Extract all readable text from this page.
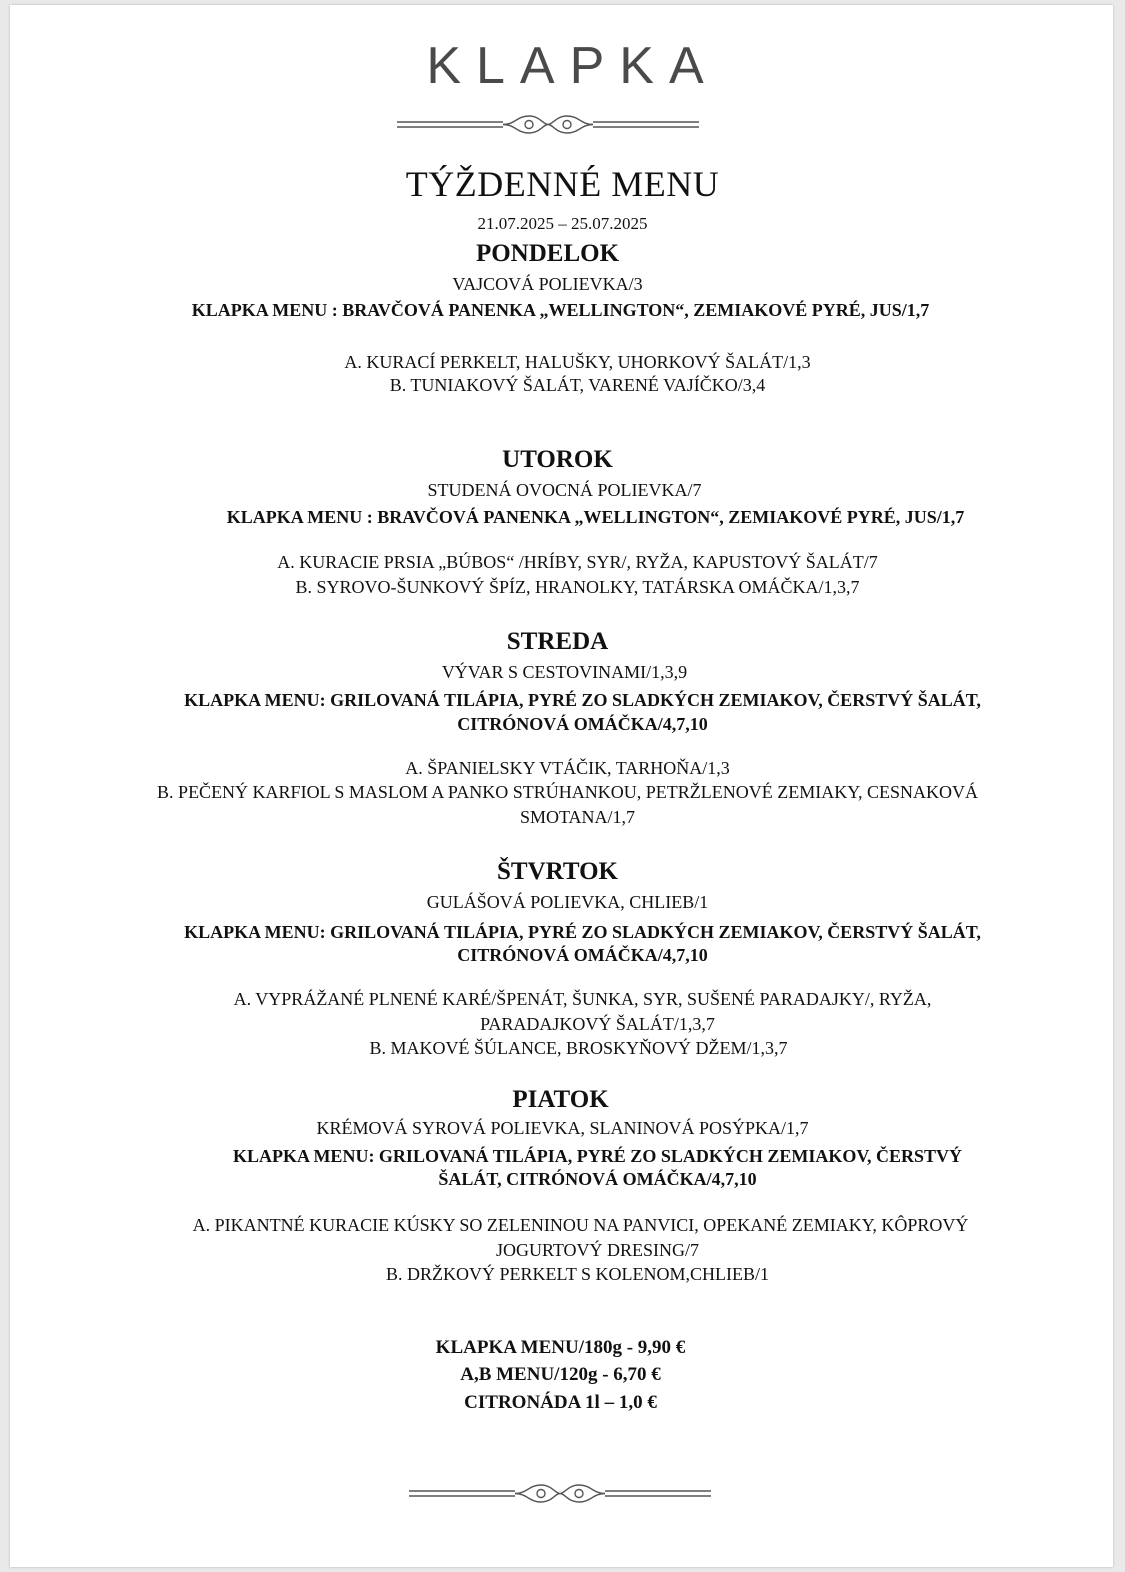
KLAPKA
TÝŽDENNÉ MENU
21.07.2025 – 25.07.2025
PONDELOK
VAJCOVÁ POLIEVKA/3
KLAPKA MENU : BRAVČOVÁ PANENKA „WELLINGTON“, ZEMIAKOVÉ PYRÉ, JUS/1,7
A. KURACÍ PERKELT, HALUŠKY, UHORKOVÝ ŠALÁT/1,3
B. TUNIAKOVÝ ŠALÁT, VARENÉ VAJÍČKO/3,4
UTOROK
STUDENÁ OVOCNÁ POLIEVKA/7
KLAPKA MENU : BRAVČOVÁ PANENKA „WELLINGTON“, ZEMIAKOVÉ PYRÉ, JUS/1,7
A. KURACIE PRSIA „BÚBOS“ /HRÍBY, SYR/, RYŽA, KAPUSTOVÝ ŠALÁT/7
B. SYROVO-ŠUNKOVÝ ŠPÍZ, HRANOLKY, TATÁRSKA OMÁČKA/1,3,7
STREDA
VÝVAR S CESTOVINAMI/1,3,9
KLAPKA MENU: GRILOVANÁ TILÁPIA, PYRÉ ZO SLADKÝCH ZEMIAKOV, ČERSTVÝ ŠALÁT,
CITRÓNOVÁ OMÁČKA/4,7,10
A. ŠPANIELSKY VTÁČIK, TARHOŇA/1,3
B. PEČENÝ KARFIOL S MASLOM A PANKO STRÚHANKOU, PETRŽLENOVÉ ZEMIAKY, CESNAKOVÁ
SMOTANA/1,7
ŠTVRTOK
GULÁŠOVÁ POLIEVKA, CHLIEB/1
KLAPKA MENU: GRILOVANÁ TILÁPIA, PYRÉ ZO SLADKÝCH ZEMIAKOV, ČERSTVÝ ŠALÁT,
CITRÓNOVÁ OMÁČKA/4,7,10
A. VYPRÁŽANÉ PLNENÉ KARÉ/ŠPENÁT, ŠUNKA, SYR, SUŠENÉ PARADAJKY/, RYŽA,
PARADAJKOVÝ ŠALÁT/1,3,7
B. MAKOVÉ ŠÚLANCE, BROSKYŇOVÝ DŽEM/1,3,7
PIATOK
KRÉMOVÁ SYROVÁ POLIEVKA, SLANINOVÁ POSÝPKA/1,7
KLAPKA MENU: GRILOVANÁ TILÁPIA, PYRÉ ZO SLADKÝCH ZEMIAKOV, ČERSTVÝ
ŠALÁT, CITRÓNOVÁ OMÁČKA/4,7,10
A. PIKANTNÉ KURACIE KÚSKY SO ZELENINOU NA PANVICI, OPEKANÉ ZEMIAKY, KÔPROVÝ
JOGURTOVÝ DRESING/7
B. DRŽKOVÝ PERKELT S KOLENOM,CHLIEB/1
KLAPKA MENU/180g - 9,90 €
A,B MENU/120g - 6,70 €
CITRONÁDA 1l – 1,0 €
